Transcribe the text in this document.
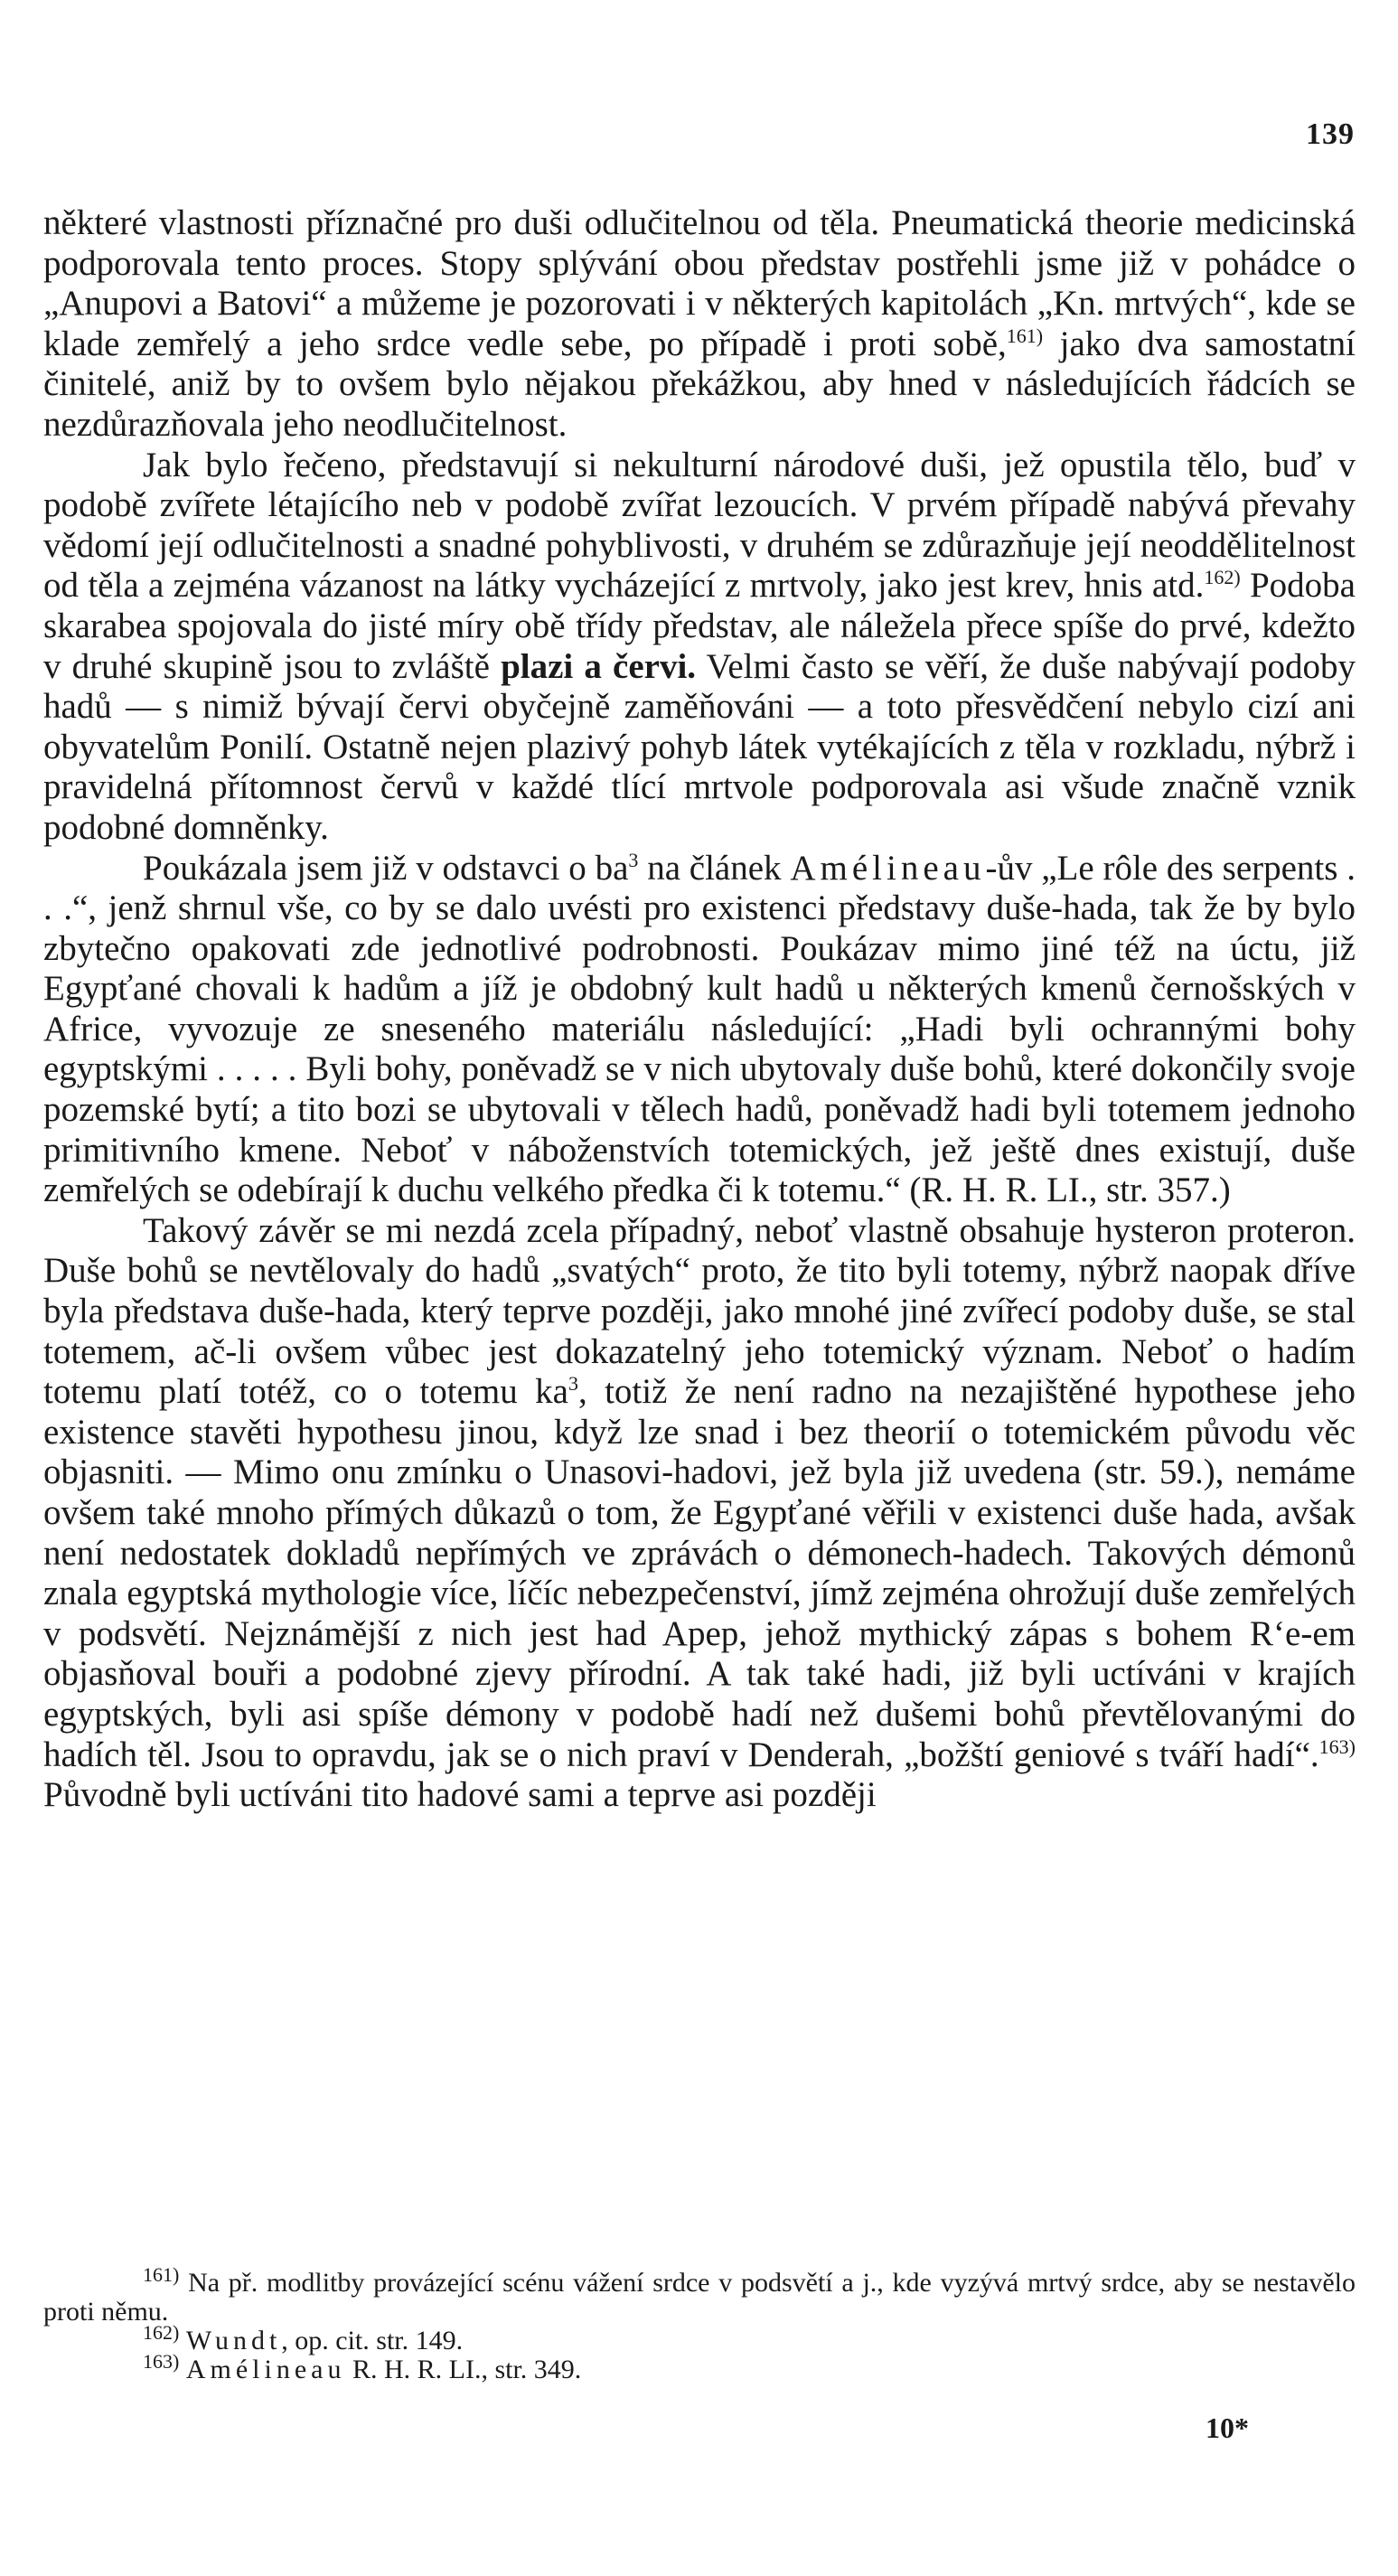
139

některé vlastnosti příznačné pro duši odlučitelnou od těla. Pneumatická theorie medicinská podporovala tento proces. Stopy splývání obou představ postřehli jsme již v pohádce o „Anupovi a Batovi“ a můžeme je pozorovati i v některých kapitolách „Kn. mrtvých“, kde se klade zemřelý a jeho srdce vedle sebe, po případě i proti sobě,$^{161)}$ jako dva samostatní činitelé, aniž by to ovšem bylo nějakou překážkou, aby hned v následujících řádcích se nezdůrazňovala jeho neodlučitelnost.

Jak bylo řečeno, představují si nekulturní národové duši, jež opustila tělo, buď v podobě zvířete létajícího neb v podobě zvířat lezoucích. V prvém případě nabývá převahy vědomí její odlučitelnosti a snadné pohyblivosti, v druhém se zdůrazňuje její neoddělitelnost od těla a zejména vázanost na látky vycházející z mrtvoly, jako jest krev, hnis atd.$^{162)}$ Podoba skarabea spojovala do jisté míry obě třídy představ, ale náležela přece spíše do prvé, kdežto v druhé skupině jsou to zvláště plazi a červi. Velmi často se věří, že duše nabývají podoby hadů — s nimiž bývají červi obyčejně zaměňováni — a toto přesvědčení nebylo cizí ani obyvatelům Ponilí. Ostatně nejen plazivý pohyb látek vytékajících z těla v rozkladu, nýbrž i pravidelná přítomnost červů v každé tlící mrtvole podporovala asi všude značně vznik podobné domněnky.

Poukázala jsem již v odstavci o $ba^3$ na článek Amélineau-ův „Le rôle des serpents . . .“, jenž shrnul vše, co by se dalo uvésti pro existenci představy duše-hada, tak že by bylo zbytečno opakovati zde jednotlivé podrobnosti. Poukázav mimo jiné též na úctu, již Egypťané chovali k hadům a jíž je obdobný kult hadů u některých kmenů černošských v Africe, vyvozuje ze sneseného materiálu následující: „Hadi byli ochrannými bohy egyptskými . . . . . Byli bohy, poněvadž se v nich ubytovaly duše bohů, které dokončily svoje pozemské bytí; a tito bozi se ubytovali v tělech hadů, poněvadž hadi byli totemem jednoho primitivního kmene. Neboť v náboženstvích totemických, jež ještě dnes existují, duše zemřelých se odebírají k duchu velkého předka či k totemu.“ (R. H. R. LI., str. 357.)

Takový závěr se mi nezdá zcela případný, neboť vlastně obsahuje hysteron proteron. Duše bohů se nevtělovaly do hadů „svatých“ proto, že tito byli totemy, nýbrž naopak dříve byla představa duše-hada, který teprve později, jako mnohé jiné zvířecí podoby duše, se stal totemem, ač-li ovšem vůbec jest dokazatelný jeho totemický význam. Neboť o hadím totemu platí totéž, co o totemu $ka^3$, totiž že není radno na nezajištěné hypothese jeho existence stavěti hypothesu jinou, když lze snad i bez theorií o totemickém původu věc objasniti. — Mimo onu zmínku o Unasovi-hadovi, jež byla již uvedena (str. 59.), nemáme ovšem také mnoho přímých důkazů o tom, že Egypťané věřili v existenci duše hada, avšak není nedostatek dokladů nepřímých ve zprávách o démonech-hadech. Takových démonů znala egyptská mythologie více, líčíc nebezpečenství, jímž zejména ohrožují duše zemřelých v podsvětí. Nejznámější z nich jest had Apep, jehož mythický zápas s bohem R‘e-em objasňoval bouři a podobné zjevy přírodní. A tak také hadi, již byli uctíváni v krajích egyptských, byli asi spíše démony v podobě hadí než dušemi bohů převtělovanými do hadích těl. Jsou to opravdu, jak se o nich praví v Denderah, „božští geniové s tváří hadí“.$^{163)}$ Původně byli uctíváni tito hadové sami a teprve asi později

$^{161)}$ Na př. modlitby provázející scénu vážení srdce v podsvětí a j., kde vyzývá mrtvý srdce, aby se nestavělo proti němu.

$^{162)}$ Wundt, op. cit. str. 149.

$^{163)}$ Amélineau R. H. R. LI., str. 349.

10*
